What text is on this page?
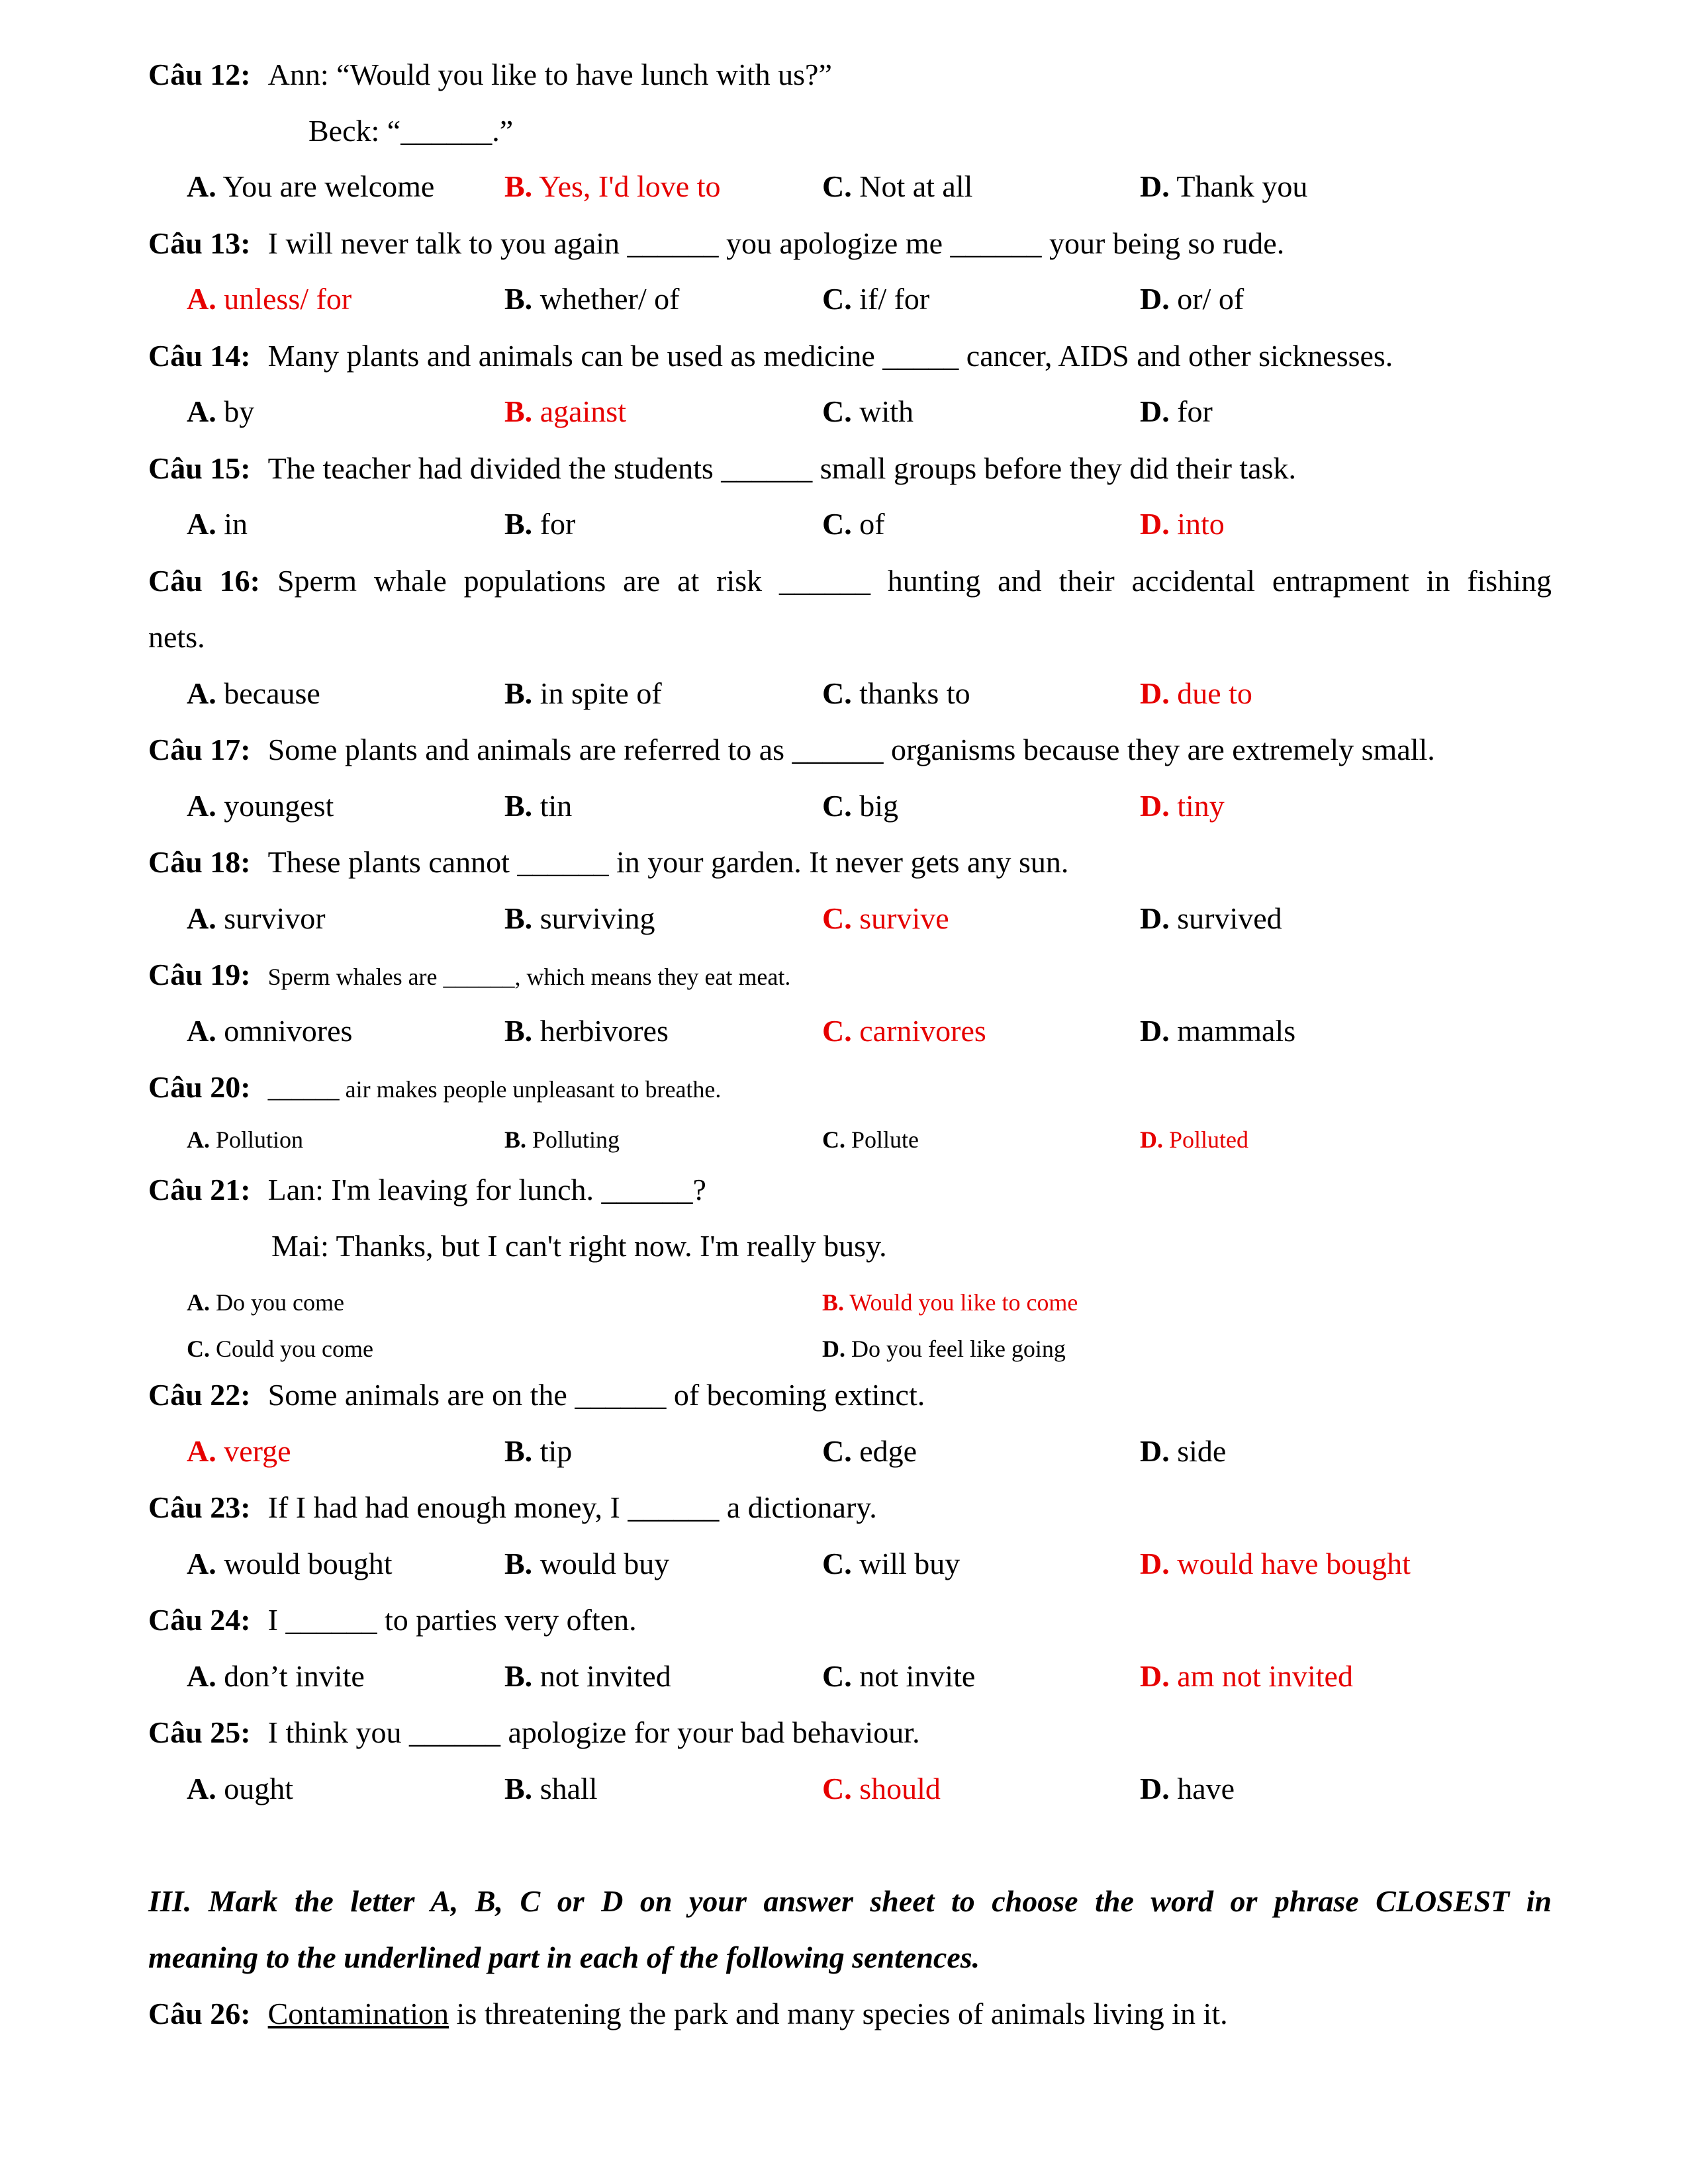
Câu 12: Ann: “Would you like to have lunch with us?”
Beck: “______.”
A. You are welcome B. Yes, I'd love to	C. Not at all	D. Thank you
Câu 13: I will never talk to you again ______ you apologize me ______ your being so rude.
A. unless/ for	B. whether/ of	C. if/ for	D. or/ of
Câu 14: Many plants and animals can be used as medicine _____ cancer, AIDS and other sicknesses.
A. by	B. against	C. with	D. for
Câu 15: The teacher had divided the students ______ small groups before they did their task.
A. in	B. for	C. of	D. into
Câu 16: Sperm whale populations are at risk ______ hunting and their accidental entrapment in fishing
nets.
A. because	B. in spite of	C. thanks to	D. due to
Câu 17: Some plants and animals are referred to as ______ organisms because they are extremely small.
A. youngest	B. tin	C. big	D. tiny
Câu 18: These plants cannot ______ in your garden. It never gets any sun.
A. survivor	B. surviving	C. survive	D. survived
Câu 19: Sperm whales are ______, which means they eat meat.
A. omnivores	B. herbivores	C. carnivores	D. mammals
Câu 20: ______ air makes people unpleasant to breathe.
A. Pollution	B. Polluting	C. Pollute	D. Polluted
Câu 21: Lan: I'm leaving for lunch. ______?
Mai: Thanks, but I can't right now. I'm really busy.
A. Do you come	B. Would you like to come
C. Could you come	D. Do you feel like going
Câu 22: Some animals are on the ______ of becoming extinct.
A. verge	B. tip	C. edge	D. side
Câu 23: If I had had enough money, I ______ a dictionary.
A. would bought	B. would buy	C. will buy	D. would have bought
Câu 24: I ______ to parties very often.
A. don’t invite	B. not invited	C. not invite	D. am not invited
Câu 25: I think you ______ apologize for your bad behaviour.
A. ought	B. shall	C. should	D. have
III. Mark the letter A, B, C or D on your answer sheet to choose the word or phrase CLOSEST in
meaning to the underlined part in each of the following sentences.
Câu 26: Contamination is threatening the park and many species of animals living in it.
